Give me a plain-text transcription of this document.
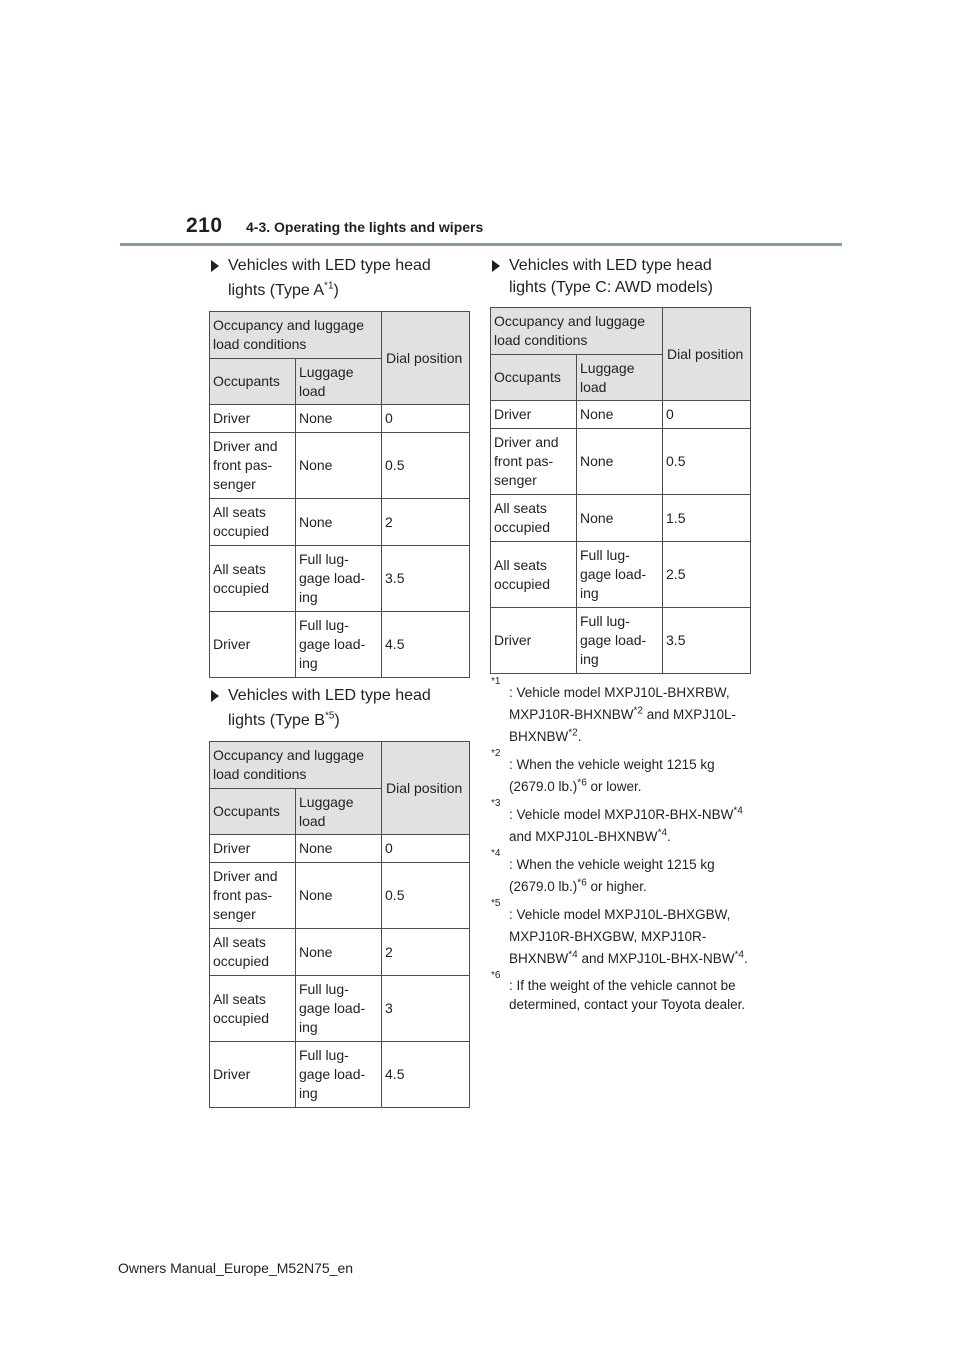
210 4-3. Operating the lights and wipers
Vehicles with LED type head
lights (Type $A^{*1}$)
Occupancy and luggage load conditions		Dial position
Occupants	Luggage load	
Driver	None	0
Driver and front pas-senger	None	0.5
All seats occupied	None	2
All seats occupied	Full lug-gage load-ing	3.5
Driver	Full lug-gage load-ing	4.5
Vehicles with LED type head
lights (Type $B^{*5}$)
Occupancy and luggage load conditions		Dial position
Occupants	Luggage load	
Driver	None	0
Driver and front pas-senger	None	0.5
All seats occupied	None	2
All seats occupied	Full lug-gage load-ing	3
Driver	Full lug-gage load-ing	4.5
Vehicles with LED type head
lights (Type C: AWD models)
Occupancy and luggage load conditions		Dial position
Occupants	Luggage load	
Driver	None	0
Driver and front pas-senger	None	0.5
All seats occupied	None	1.5
All seats occupied	Full lug-gage load-ing	2.5
Driver	Full lug-gage load-ing	3.5
*1
: Vehicle model MXPJ10L-BHXRBW, MXPJ10R-BHXNBW$^{*2}$ and MXPJ10L-BHXNBW$^{*2}$.
*2
: When the vehicle weight 1215 kg (2679.0 lb.)$^{*6}$ or lower.
*3
: Vehicle model MXPJ10R-BHX-NBW$^{*4}$ and MXPJ10L-BHXNBW$^{*4}$.
*4
: When the vehicle weight 1215 kg (2679.0 lb.)$^{*6}$ or higher.
*5
: Vehicle model MXPJ10L-BHXGBW, MXPJ10R-BHXGBW, MXPJ10R-BHXNBW$^{*4}$ and MXPJ10L-BHX-NBW$^{*4}$.
*6
: If the weight of the vehicle cannot be determined, contact your Toyota dealer.
Owners Manual_Europe_M52N75_en
